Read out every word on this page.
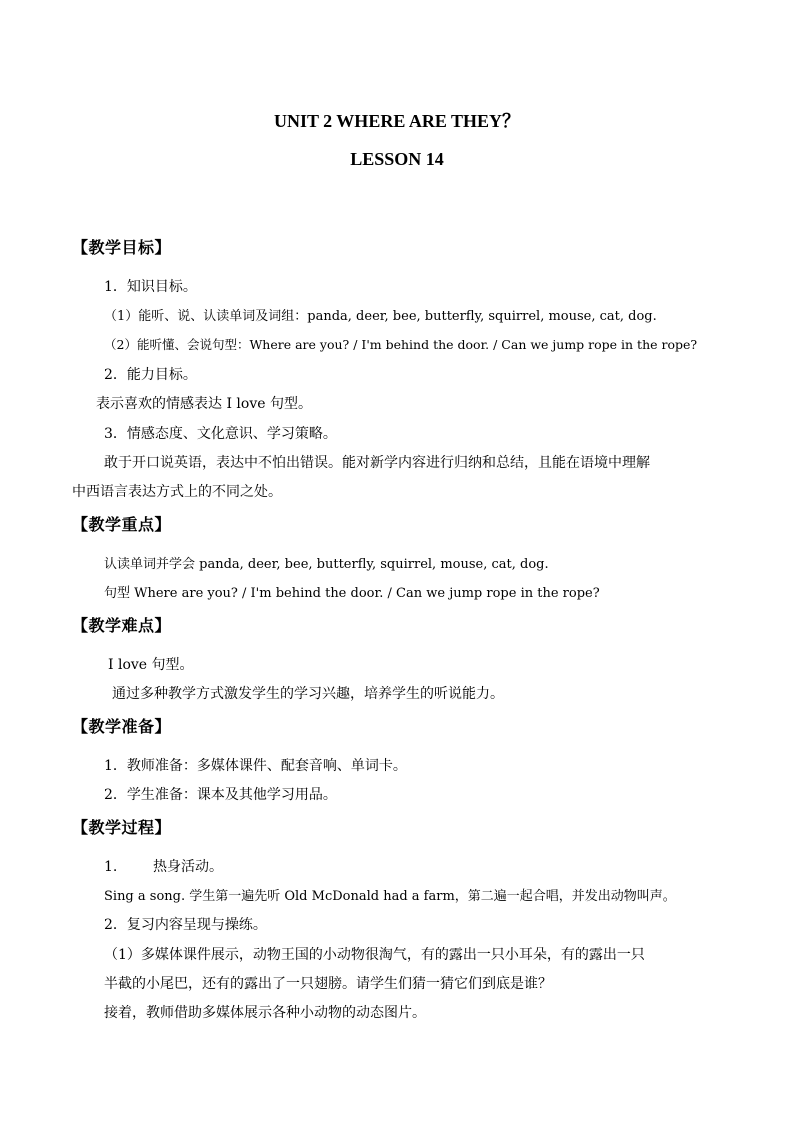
UNIT 2 WHERE ARE THEY？
LESSON 14
【教学目标】
1．知识目标。
（1）能听、说、认读单词及词组：panda, deer, bee, butterfly, squirrel, mouse, cat, dog.
（2）能听懂、会说句型：Where are you? / I'm behind the door. / Can we jump rope in the rope?
2．能力目标。
表示喜欢的情感表达 I love 句型。
3．情感态度、文化意识、学习策略。
敢于开口说英语，表达中不怕出错误。能对新学内容进行归纳和总结，且能在语境中理解
中西语言表达方式上的不同之处。
【教学重点】
认读单词并学会 panda, deer, bee, butterfly, squirrel, mouse, cat, dog.
句型 Where are you? / I'm behind the door. / Can we jump rope in the rope?
【教学难点】
I love 句型。
通过多种教学方式激发学生的学习兴趣，培养学生的听说能力。
【教学准备】
1．教师准备：多媒体课件、配套音响、单词卡。
2．学生准备：课本及其他学习用品。
【教学过程】
1.        热身活动。
Sing a song. 学生第一遍先听 Old McDonald had a farm，第二遍一起合唱，并发出动物叫声。
2．复习内容呈现与操练。
（1）多媒体课件展示，动物王国的小动物很淘气，有的露出一只小耳朵，有的露出一只
半截的小尾巴，还有的露出了一只翅膀。请学生们猜一猜它们到底是谁？
接着，教师借助多媒体展示各种小动物的动态图片。
